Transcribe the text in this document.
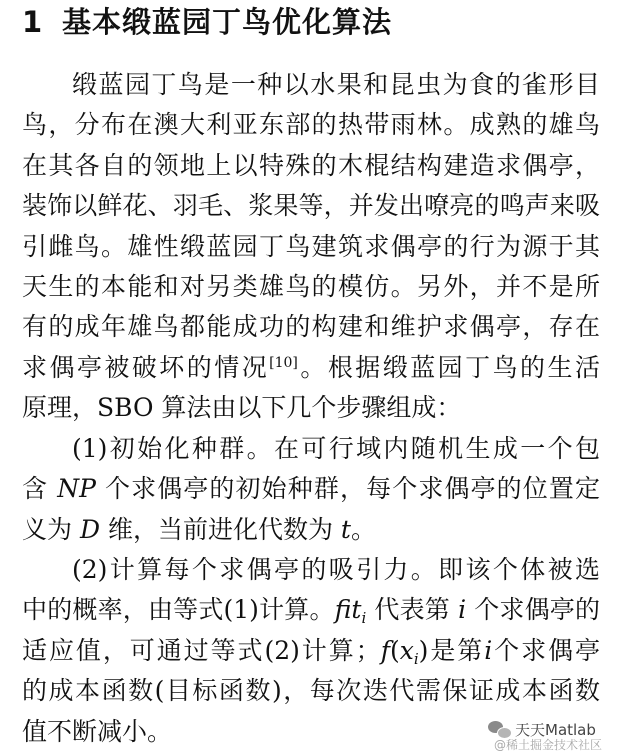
1 基本缎蓝园丁鸟优化算法
缎蓝园丁鸟是一种以水果和昆虫为食的雀形目
鸟，分布在澳大利亚东部的热带雨林。成熟的雄鸟
在其各自的领地上以特殊的木棍结构建造求偶亭，
装饰以鲜花、羽毛、浆果等，并发出嘹亮的鸣声来吸
引雌鸟。雄性缎蓝园丁鸟建筑求偶亭的行为源于其
天生的本能和对另类雄鸟的模仿。另外，并不是所
有的成年雄鸟都能成功的构建和维护求偶亭，存在
求偶亭被破坏的情况[10]。根据缎蓝园丁鸟的生活
原理，SBO 算法由以下几个步骤组成：
(1)初始化种群。在可行域内随机生成一个包
含 NP 个求偶亭的初始种群，每个求偶亭的位置定
义为 D 维，当前进化代数为 t。
(2)计算每个求偶亭的吸引力。即该个体被选
中的概率，由等式(1)计算。fit$_i$ 代表第 i 个求偶亭的
适应值，可通过等式(2)计算；$f(x_i)$是第i个求偶亭
的成本函数(目标函数)，每次迭代需保证成本函数
值不断减小。	天天Matlab
@稀土掘金技术社区
